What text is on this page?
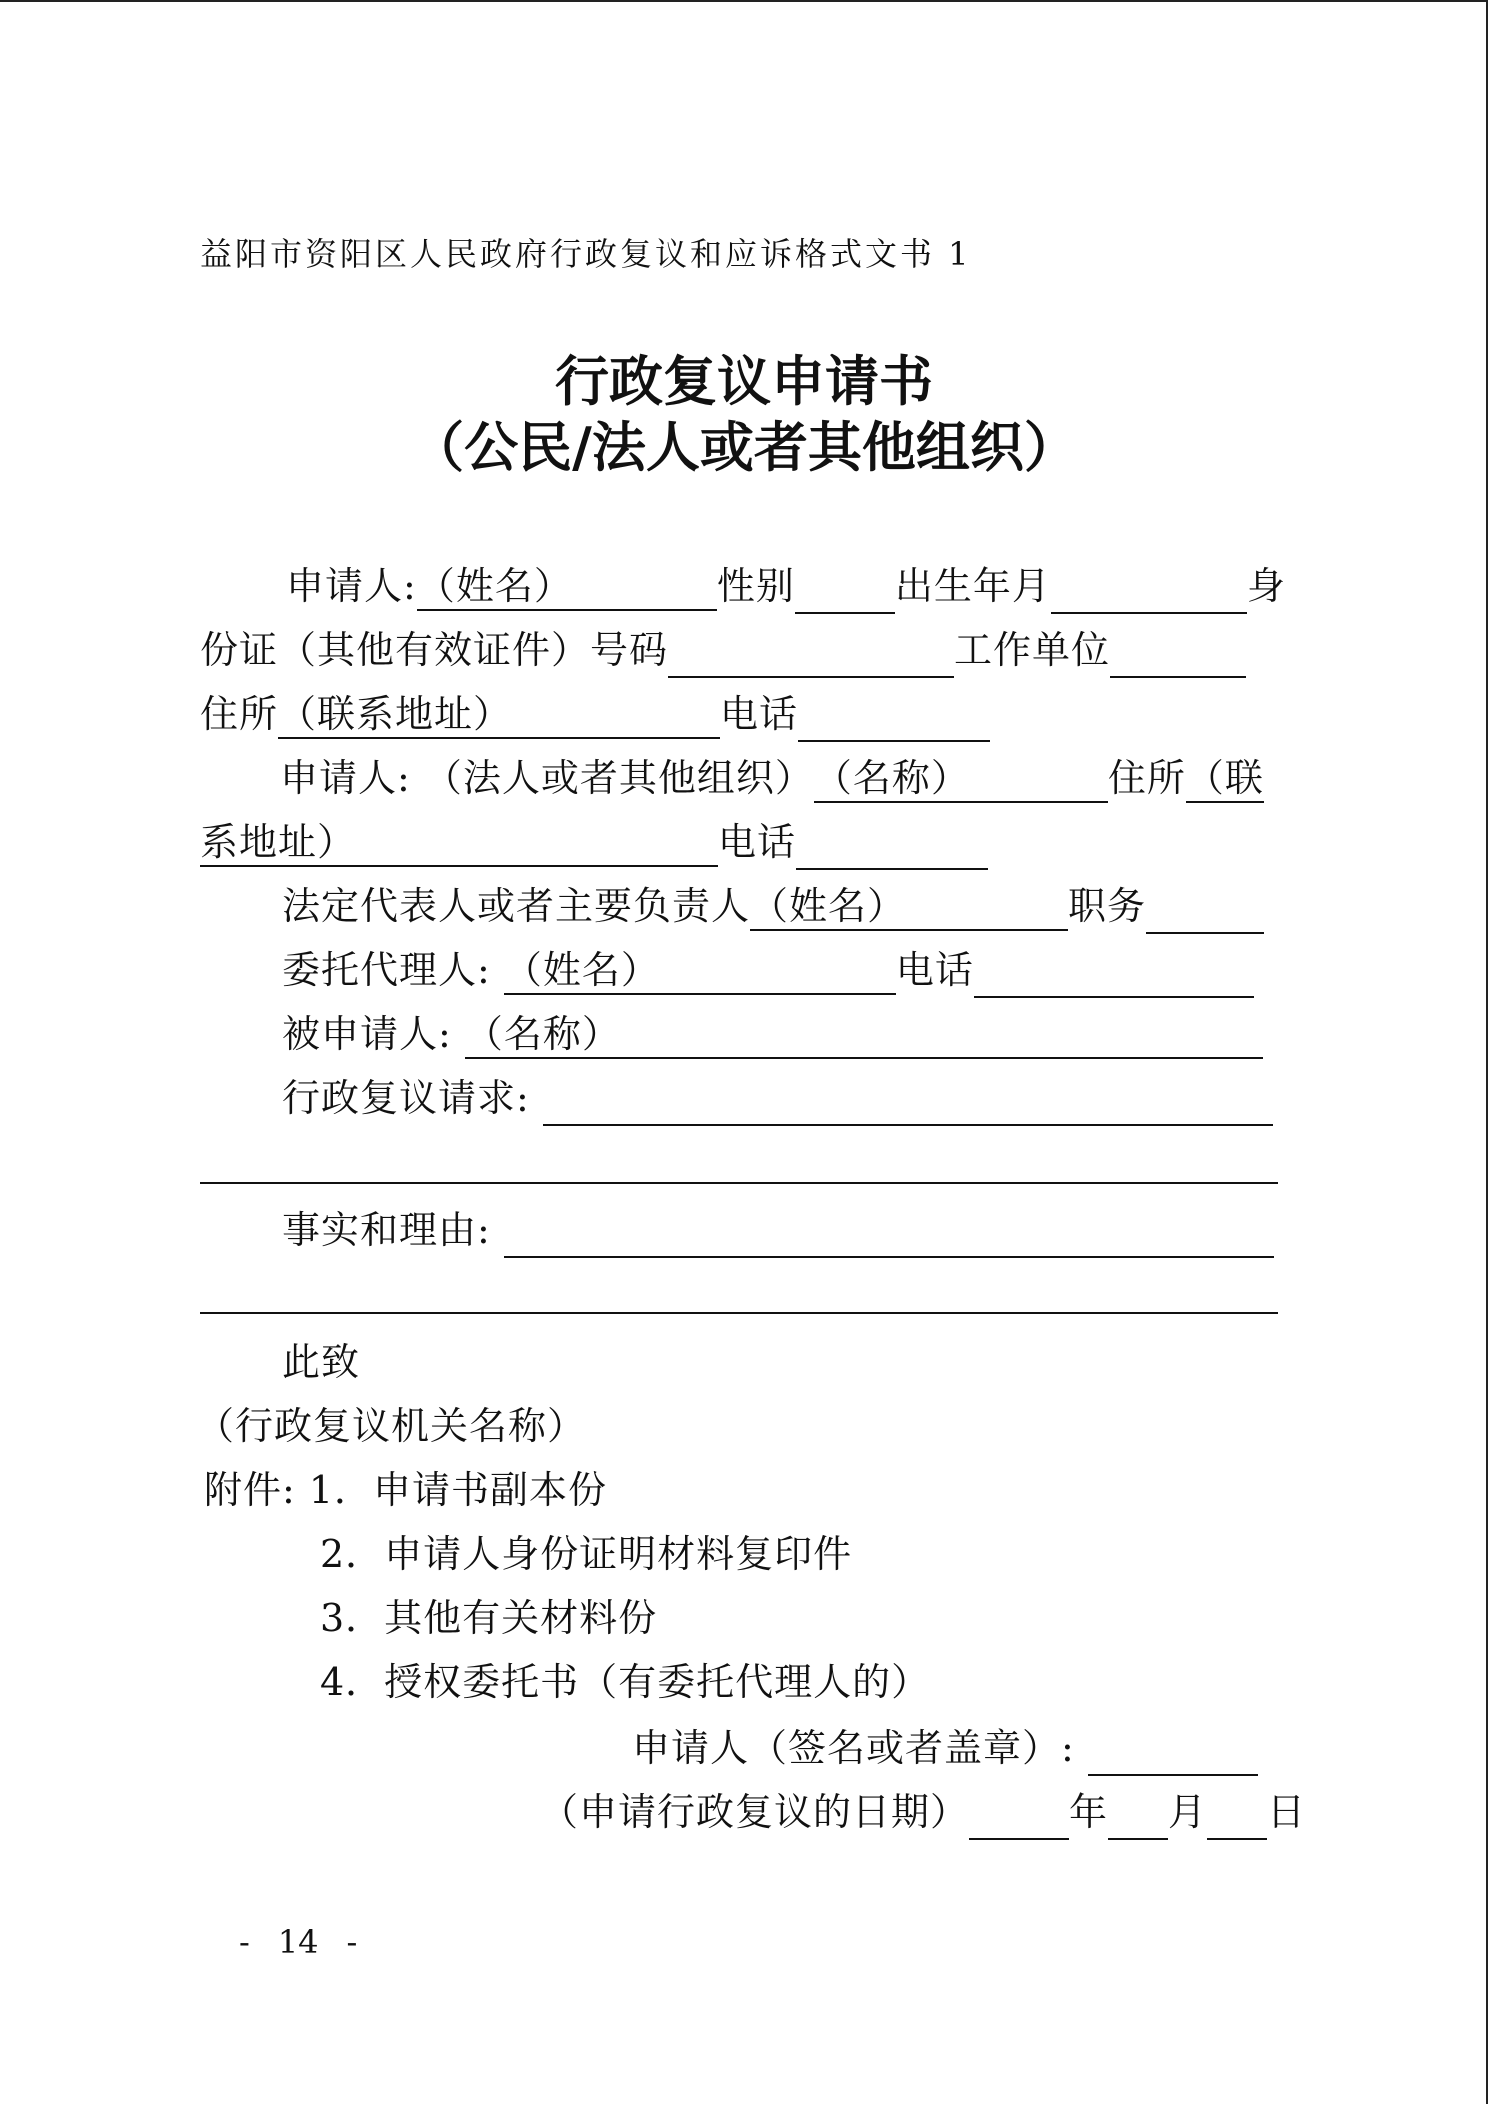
益阳市资阳区人民政府行政复议和应诉格式文书 1
行政复议申请书
（公民/法人或者其他组织）
申请人:（姓名）	性别	出生年月	身
份证（其他有效证件）号码	工作单位
住所（联系地址）	电话
申请人: （法人或者其他组织）（名称）	住所（联
系地址）	电话
法定代表人或者主要负责人（姓名）	职务
委托代理人: （姓名）	电话
被申请人: （名称）
行政复议请求:
事实和理由:
此致
（行政复议机关名称）
附件: 1．申请书副本份
2．申请人身份证明材料复印件
3．其他有关材料份
4．授权委托书（有委托代理人的）
申请人（签名或者盖章）:
（申请行政复议的日期）	年 月 日
- 14 -
